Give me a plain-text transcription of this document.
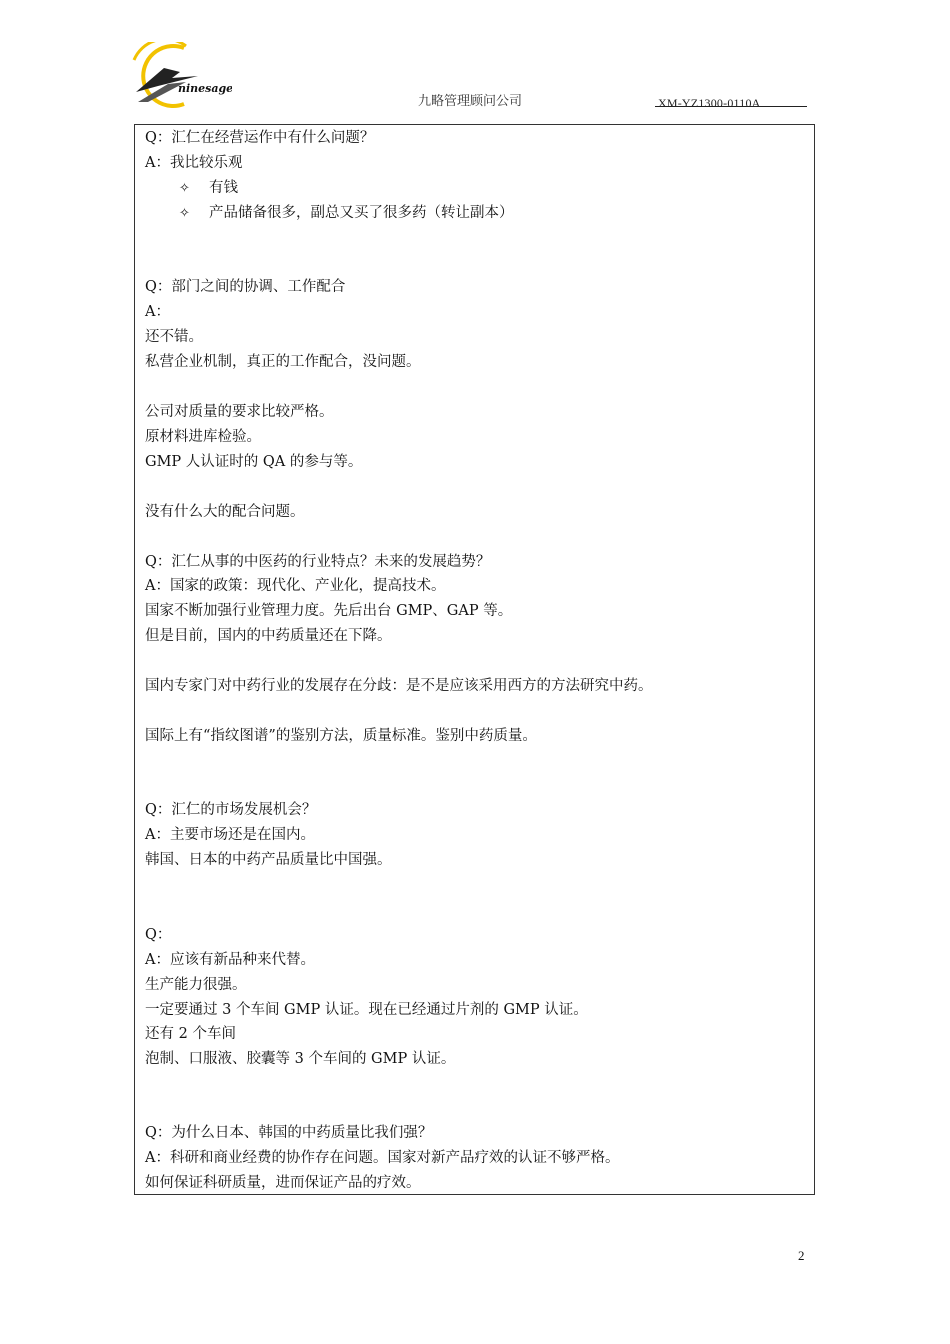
ninesage
九略管理顾问公司	XM-YZ1300-0110A
Q：汇仁在经营运作中有什么问题？
A：我比较乐观
✧ 有钱
✧ 产品储备很多，副总又买了很多药（转让副本）
Q：部门之间的协调、工作配合
A：
还不错。
私营企业机制，真正的工作配合，没问题。
公司对质量的要求比较严格。
原材料进库检验。
GMP 人认证时的 QA 的参与等。
没有什么大的配合问题。
Q：汇仁从事的中医药的行业特点？未来的发展趋势？
A：国家的政策：现代化、产业化，提高技术。
国家不断加强行业管理力度。先后出台 GMP、GAP 等。
但是目前，国内的中药质量还在下降。
国内专家门对中药行业的发展存在分歧：是不是应该采用西方的方法研究中药。
国际上有“指纹图谱”的鉴别方法，质量标准。鉴别中药质量。
Q：汇仁的市场发展机会？
A：主要市场还是在国内。
韩国、日本的中药产品质量比中国强。
Q：
A：应该有新品种来代替。
生产能力很强。
一定要通过 3 个车间 GMP 认证。现在已经通过片剂的 GMP 认证。
还有 2 个车间
泡制、口服液、胶囊等 3 个车间的 GMP 认证。
Q：为什么日本、韩国的中药质量比我们强？
A：科研和商业经费的协作存在问题。国家对新产品疗效的认证不够严格。
如何保证科研质量，进而保证产品的疗效。
2
